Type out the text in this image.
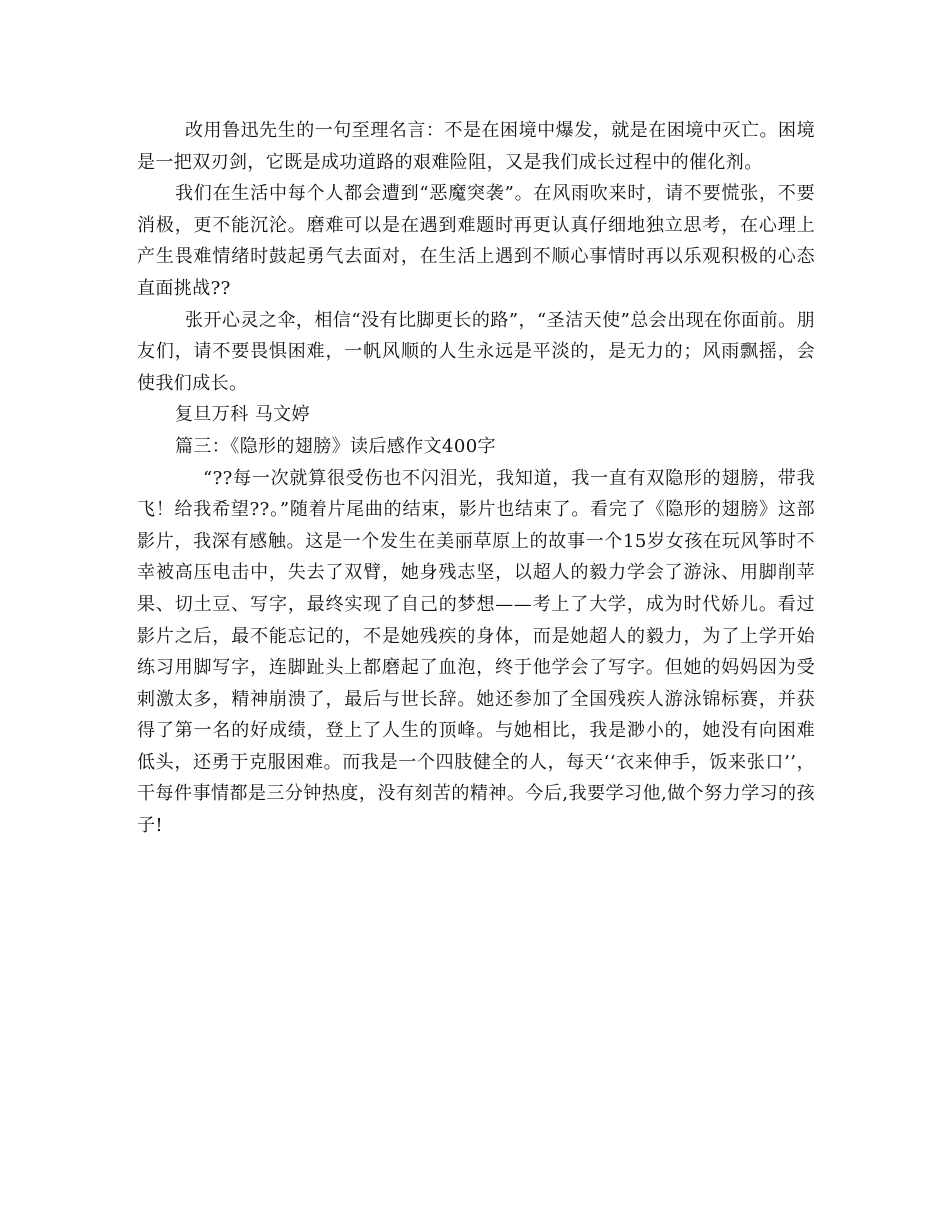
改用鲁迅先生的一句至理名言：不是在困境中爆发，就是在困境中灭亡。困境是一把双刃剑，它既是成功道路的艰难险阻，又是我们成长过程中的催化剂。

我们在生活中每个人都会遭到“恶魔突袭”。在风雨吹来时，请不要慌张，不要消极，更不能沉沦。磨难可以是在遇到难题时再更认真仔细地独立思考，在心理上产生畏难情绪时鼓起勇气去面对，在生活上遇到不顺心事情时再以乐观积极的心态直面挑战??

张开心灵之伞，相信“没有比脚更长的路”，“圣洁天使”总会出现在你面前。朋友们，请不要畏惧困难，一帆风顺的人生永远是平淡的，是无力的；风雨飘摇，会使我们成长。

复旦万科 马文婷

篇三：《隐形的翅膀》读后感作文400字

“??每一次就算很受伤也不闪泪光，我知道，我一直有双隐形的翅膀，带我飞！给我希望??。”随着片尾曲的结束，影片也结束了。看完了《隐形的翅膀》这部影片，我深有感触。这是一个发生在美丽草原上的故事一个15岁女孩在玩风筝时不幸被高压电击中，失去了双臂，她身残志坚，以超人的毅力学会了游泳、用脚削苹果、切土豆、写字，最终实现了自己的梦想——考上了大学，成为时代娇儿。看过影片之后，最不能忘记的，不是她残疾的身体，而是她超人的毅力，为了上学开始练习用脚写字，连脚趾头上都磨起了血泡，终于他学会了写字。但她的妈妈因为受刺激太多，精神崩溃了，最后与世长辞。她还参加了全国残疾人游泳锦标赛，并获得了第一名的好成绩，登上了人生的顶峰。与她相比，我是渺小的，她没有向困难低头，还勇于克服困难。而我是一个四肢健全的人，每天‘‘衣来伸手，饭来张口’’，干每件事情都是三分钟热度，没有刻苦的精神。今后,我要学习他,做个努力学习的孩子!
